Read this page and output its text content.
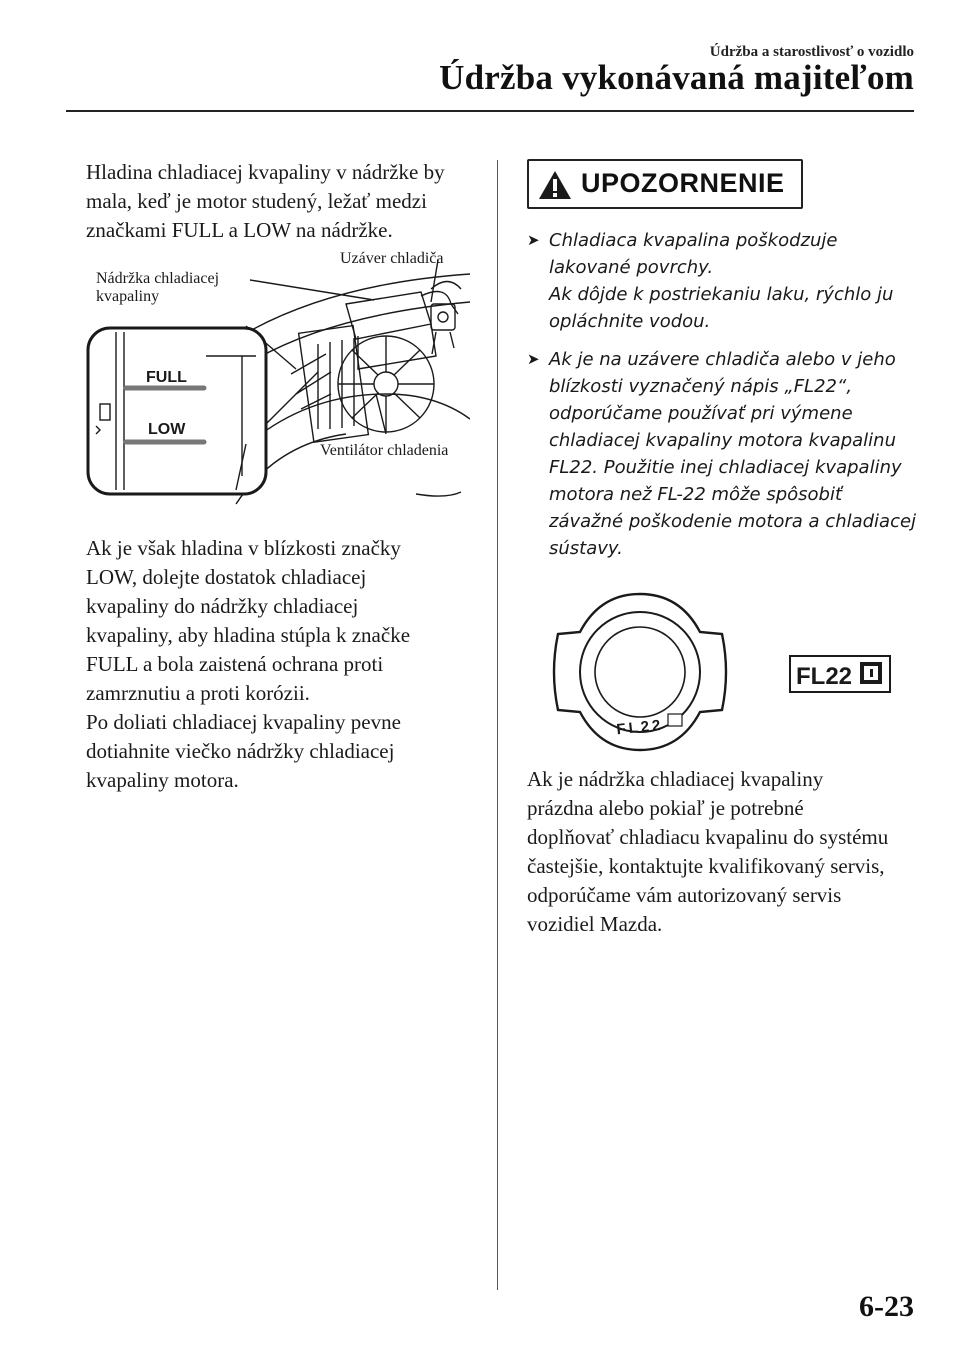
Údržba a starostlivosť o vozidlo
Údržba vykonávaná majiteľom

Hladina chladiacej kvapaliny v nádržke by
mala, keď je motor studený, ležať medzi
značkami FULL a LOW na nádržke.

FULL
LOW

Nádržka chladiacej
kvapaliny

Uzáver chladiča

Ventilátor chladenia

Ak je však hladina v blízkosti značky
LOW, dolejte dostatok chladiacej
kvapaliny do nádržky chladiacej
kvapaliny, aby hladina stúpla k značke
FULL a bola zaistená ochrana proti
zamrznutiu a proti korózii.
Po doliati chladiacej kvapaliny pevne
dotiahnite viečko nádržky chladiacej
kvapaliny motora.

UPOZORNENIE
➤ Chladiaca kvapalina poškodzuje
lakované povrchy.
Ak dôjde k postriekaniu laku, rýchlo ju
opláchnite vodou.
➤ Ak je na uzávere chladiča alebo v jeho
blízkosti vyznačený nápis „FL22“,
odporúčame používať pri výmene
chladiacej kvapaliny motora kvapalinu
FL22. Použitie inej chladiacej kvapaliny
motora než FL-22 môže spôsobiť
závažné poškodenie motora a chladiacej
sústavy.
FL22
FL22

Ak je nádržka chladiacej kvapaliny
prázdna alebo pokiaľ je potrebné
doplňovať chladiacu kvapalinu do systému
častejšie, kontaktujte kvalifikovaný servis,
odporúčame vám autorizovaný servis
vozidiel Mazda.

6-23
